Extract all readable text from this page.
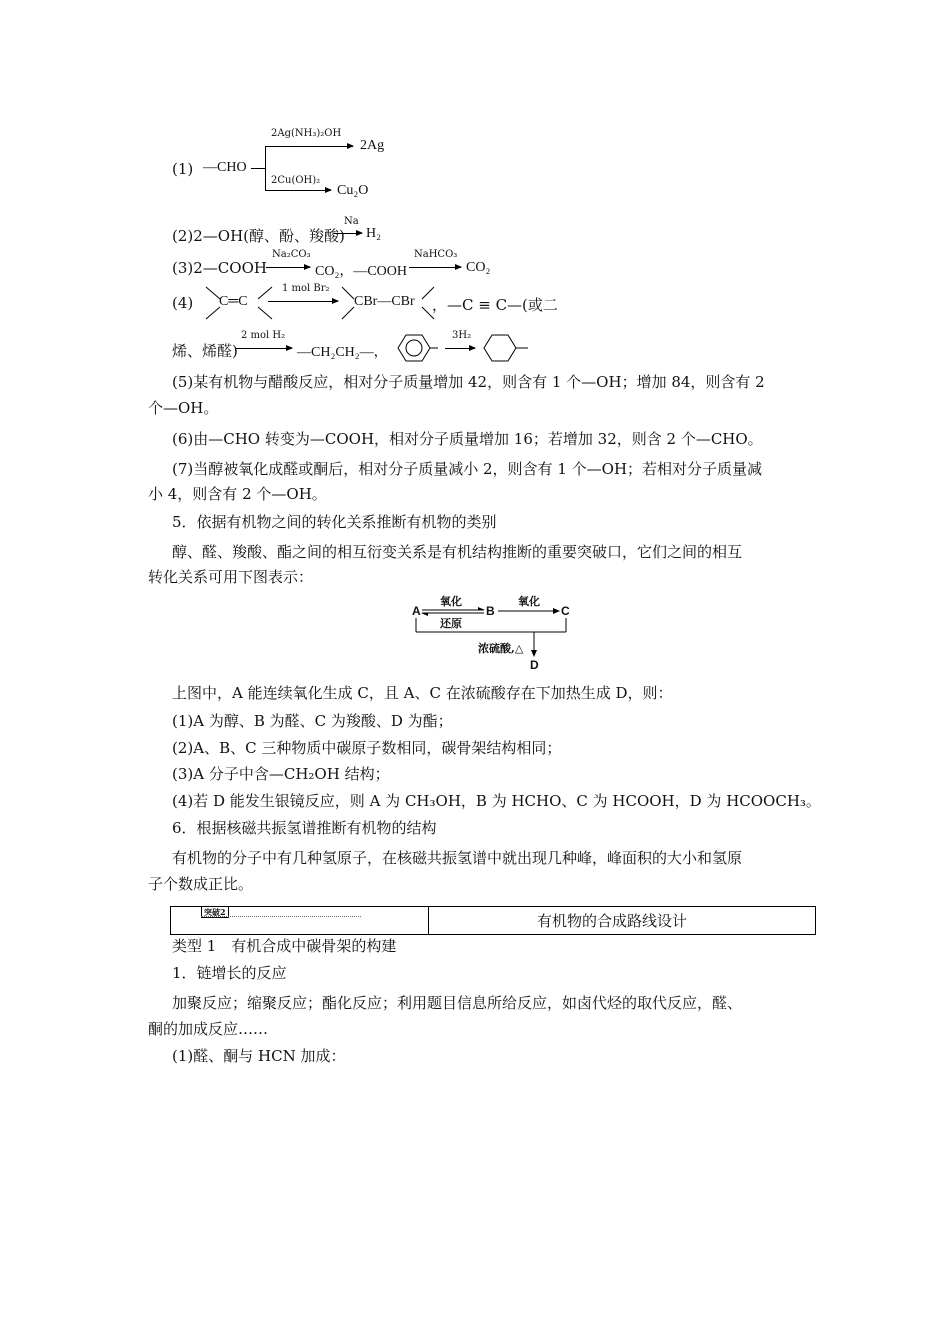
(1) —CHO
2Ag(NH₃)₂OH
2Ag
2Cu(OH)₂
Cu₂O
(2)2—OH(醇、酚、羧酸)
Na
H₂
(3)2—COOH
Na₂CO₃
CO₂，—COOH
NaHCO₃
CO₂
(4) C═C
1 mol Br₂
CBr—CBr ，—C ≡ C—(或二
烯、烯醛)
2 mol H₂
—CH₂CH₂—，
3H₂
(5)某有机物与醋酸反应，相对分子质量增加 42，则含有 1 个—OH；增加 84，则含有 2
个—OH。
(6)由—CHO 转变为—COOH，相对分子质量增加 16；若增加 32，则含 2 个—CHO。
(7)当醇被氧化成醛或酮后，相对分子质量减小 2，则含有 1 个—OH；若相对分子质量减
小 4，则含有 2 个—OH。
5．依据有机物之间的转化关系推断有机物的类别
醇、醛、羧酸、酯之间的相互衍变关系是有机结构推断的重要突破口，它们之间的相互
转化关系可用下图表示：
A	B	C
D
氧化
还原
氧化
浓硫酸,△
上图中，A 能连续氧化生成 C，且 A、C 在浓硫酸存在下加热生成 D，则：
(1)A 为醇、B 为醛、C 为羧酸、D 为酯；
(2)A、B、C 三种物质中碳原子数相同，碳骨架结构相同；
(3)A 分子中含—CH₂OH 结构；
(4)若 D 能发生银镜反应，则 A 为 CH₃OH，B 为 HCHO、C 为 HCOOH，D 为 HCOOCH₃。
6．根据核磁共振氢谱推断有机物的结构
有机物的分子中有几种氢原子，在核磁共振氢谱中就出现几种峰，峰面积的大小和氢原
子个数成正比。
突破2	有机物的合成路线设计
类型 1　有机合成中碳骨架的构建
1．链增长的反应
加聚反应；缩聚反应；酯化反应；利用题目信息所给反应，如卤代烃的取代反应，醛、
酮的加成反应……
(1)醛、酮与 HCN 加成：
